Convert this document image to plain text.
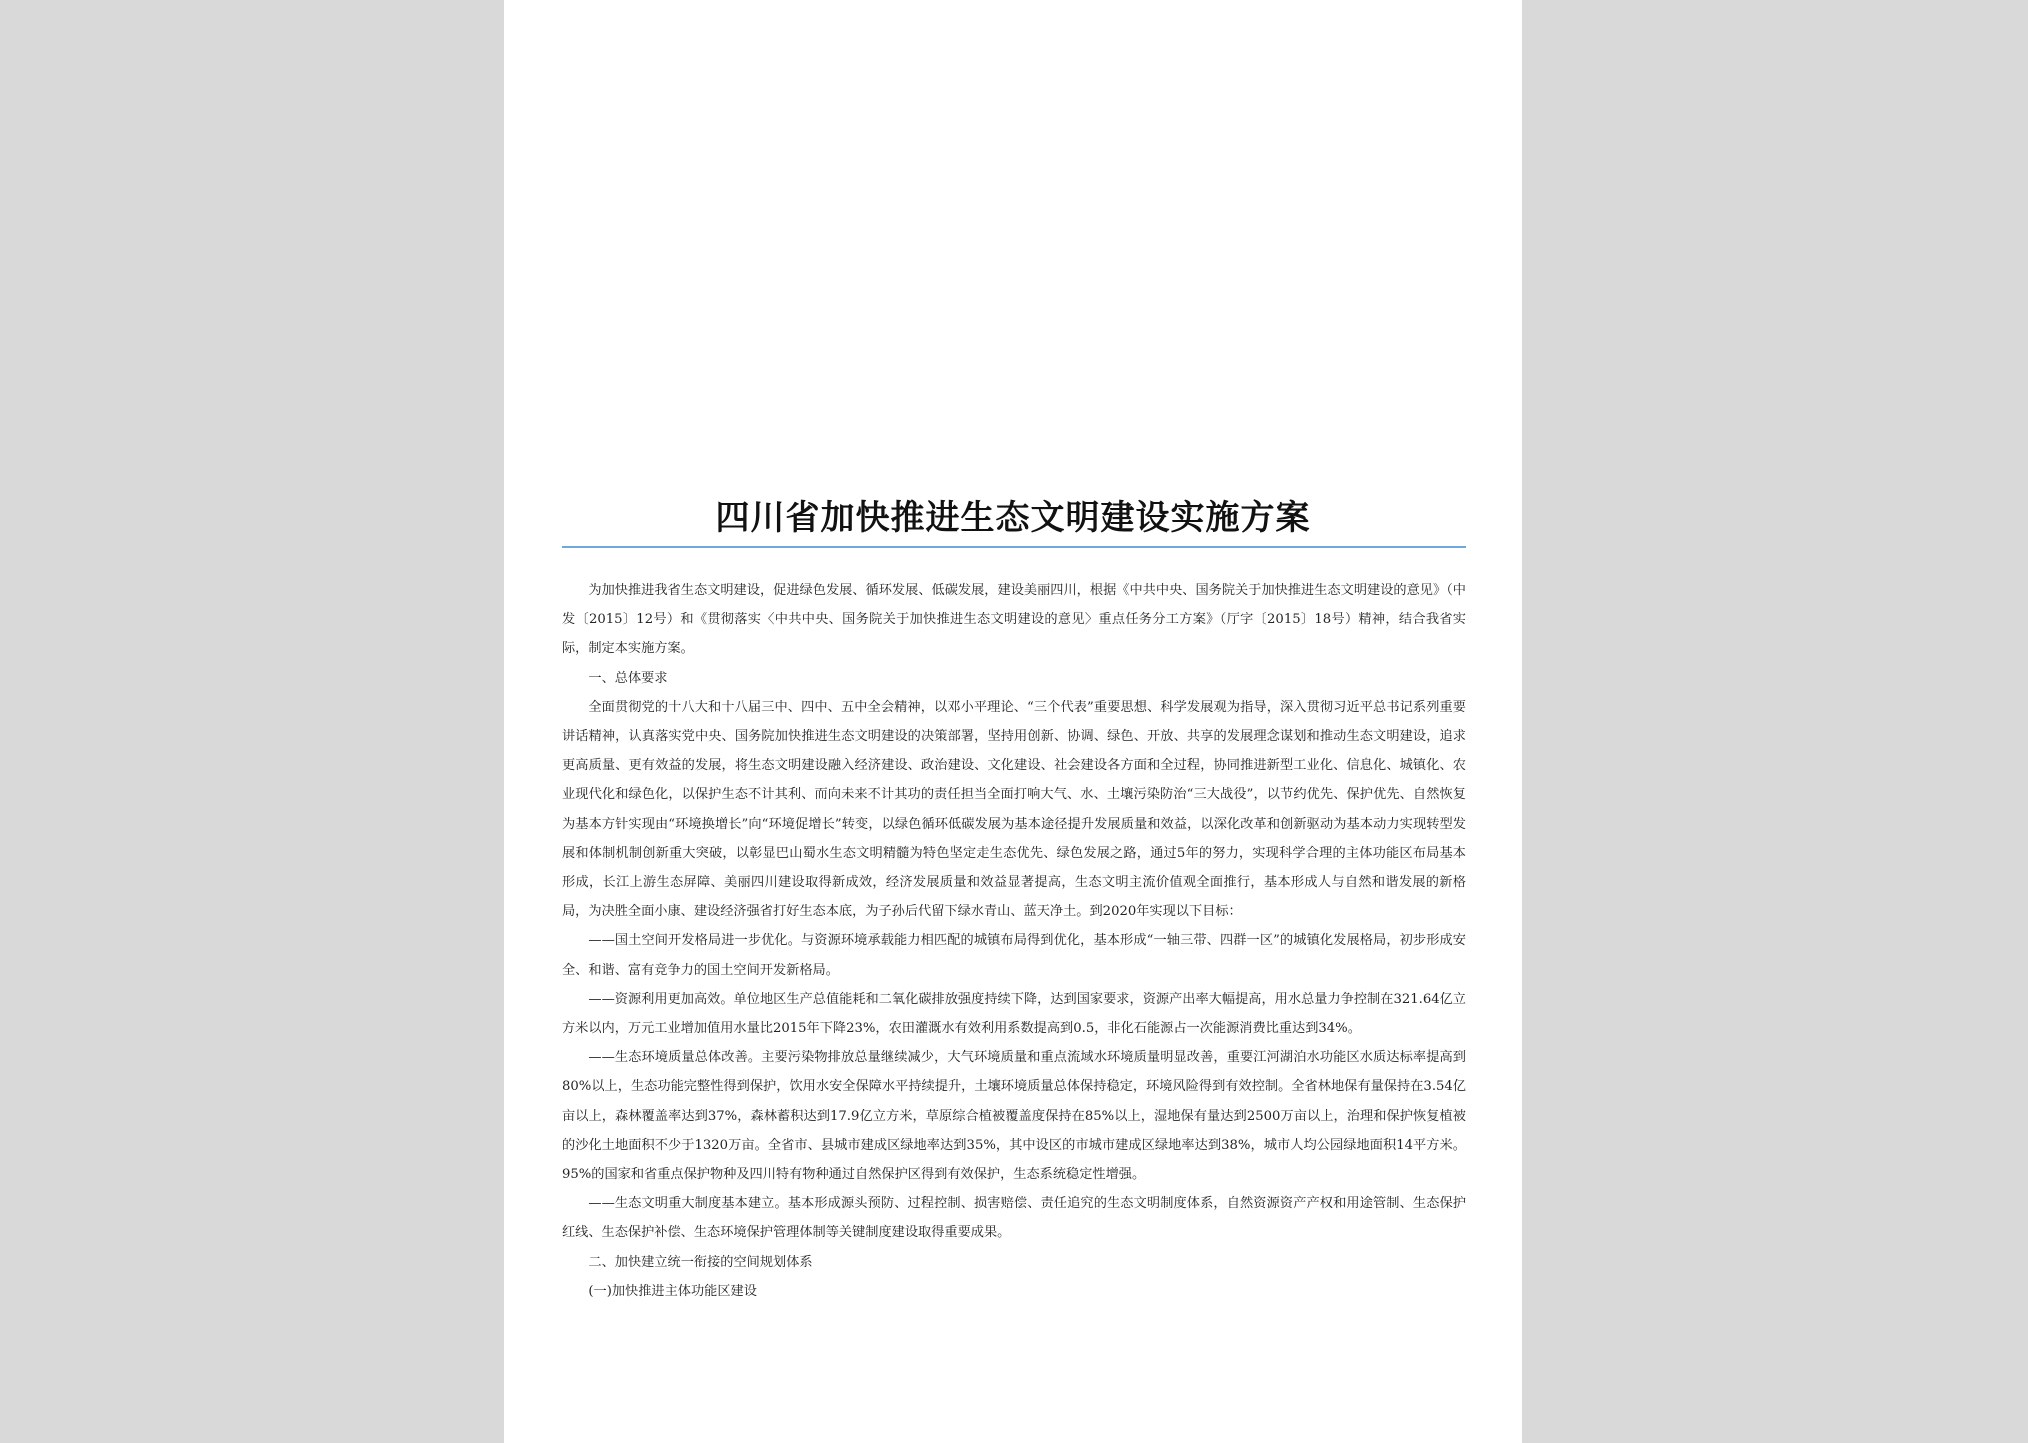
四川省加快推进生态文明建设实施方案

为加快推进我省生态文明建设，促进绿色发展、循环发展、低碳发展，建设美丽四川，根据《中共中央、国务院关于加快推进生态文明建设的意见》（中发〔2015〕12号）和《贯彻落实〈中共中央、国务院关于加快推进生态文明建设的意见〉重点任务分工方案》（厅字〔2015〕18号）精神，结合我省实际，制定本实施方案。

一、总体要求

全面贯彻党的十八大和十八届三中、四中、五中全会精神，以邓小平理论、“三个代表”重要思想、科学发展观为指导，深入贯彻习近平总书记系列重要讲话精神，认真落实党中央、国务院加快推进生态文明建设的决策部署，坚持用创新、协调、绿色、开放、共享的发展理念谋划和推动生态文明建设，追求更高质量、更有效益的发展，将生态文明建设融入经济建设、政治建设、文化建设、社会建设各方面和全过程，协同推进新型工业化、信息化、城镇化、农业现代化和绿色化，以保护生态不计其利、而向未来不计其功的责任担当全面打响大气、水、土壤污染防治“三大战役”，以节约优先、保护优先、自然恢复为基本方针实现由“环境换增长”向“环境促增长”转变，以绿色循环低碳发展为基本途径提升发展质量和效益，以深化改革和创新驱动为基本动力实现转型发展和体制机制创新重大突破，以彰显巴山蜀水生态文明精髓为特色坚定走生态优先、绿色发展之路，通过5年的努力，实现科学合理的主体功能区布局基本形成，长江上游生态屏障、美丽四川建设取得新成效，经济发展质量和效益显著提高，生态文明主流价值观全面推行，基本形成人与自然和谐发展的新格局，为决胜全面小康、建设经济强省打好生态本底，为子孙后代留下绿水青山、蓝天净土。到2020年实现以下目标：

——国土空间开发格局进一步优化。与资源环境承载能力相匹配的城镇布局得到优化，基本形成“一轴三带、四群一区”的城镇化发展格局，初步形成安全、和谐、富有竞争力的国土空间开发新格局。

——资源利用更加高效。单位地区生产总值能耗和二氧化碳排放强度持续下降，达到国家要求，资源产出率大幅提高，用水总量力争控制在321.64亿立方米以内，万元工业增加值用水量比2015年下降23%，农田灌溉水有效利用系数提高到0.5，非化石能源占一次能源消费比重达到34%。

——生态环境质量总体改善。主要污染物排放总量继续减少，大气环境质量和重点流域水环境质量明显改善，重要江河湖泊水功能区水质达标率提高到80%以上，生态功能完整性得到保护，饮用水安全保障水平持续提升，土壤环境质量总体保持稳定，环境风险得到有效控制。全省林地保有量保持在3.54亿亩以上，森林覆盖率达到37%，森林蓄积达到17.9亿立方米，草原综合植被覆盖度保持在85%以上，湿地保有量达到2500万亩以上，治理和保护恢复植被的沙化土地面积不少于1320万亩。全省市、县城市建成区绿地率达到35%，其中设区的市城市建成区绿地率达到38%，城市人均公园绿地面积14平方米。95%的国家和省重点保护物种及四川特有物种通过自然保护区得到有效保护，生态系统稳定性增强。

——生态文明重大制度基本建立。基本形成源头预防、过程控制、损害赔偿、责任追究的生态文明制度体系，自然资源资产产权和用途管制、生态保护红线、生态保护补偿、生态环境保护管理体制等关键制度建设取得重要成果。

二、加快建立统一衔接的空间规划体系

(一)加快推进主体功能区建设
